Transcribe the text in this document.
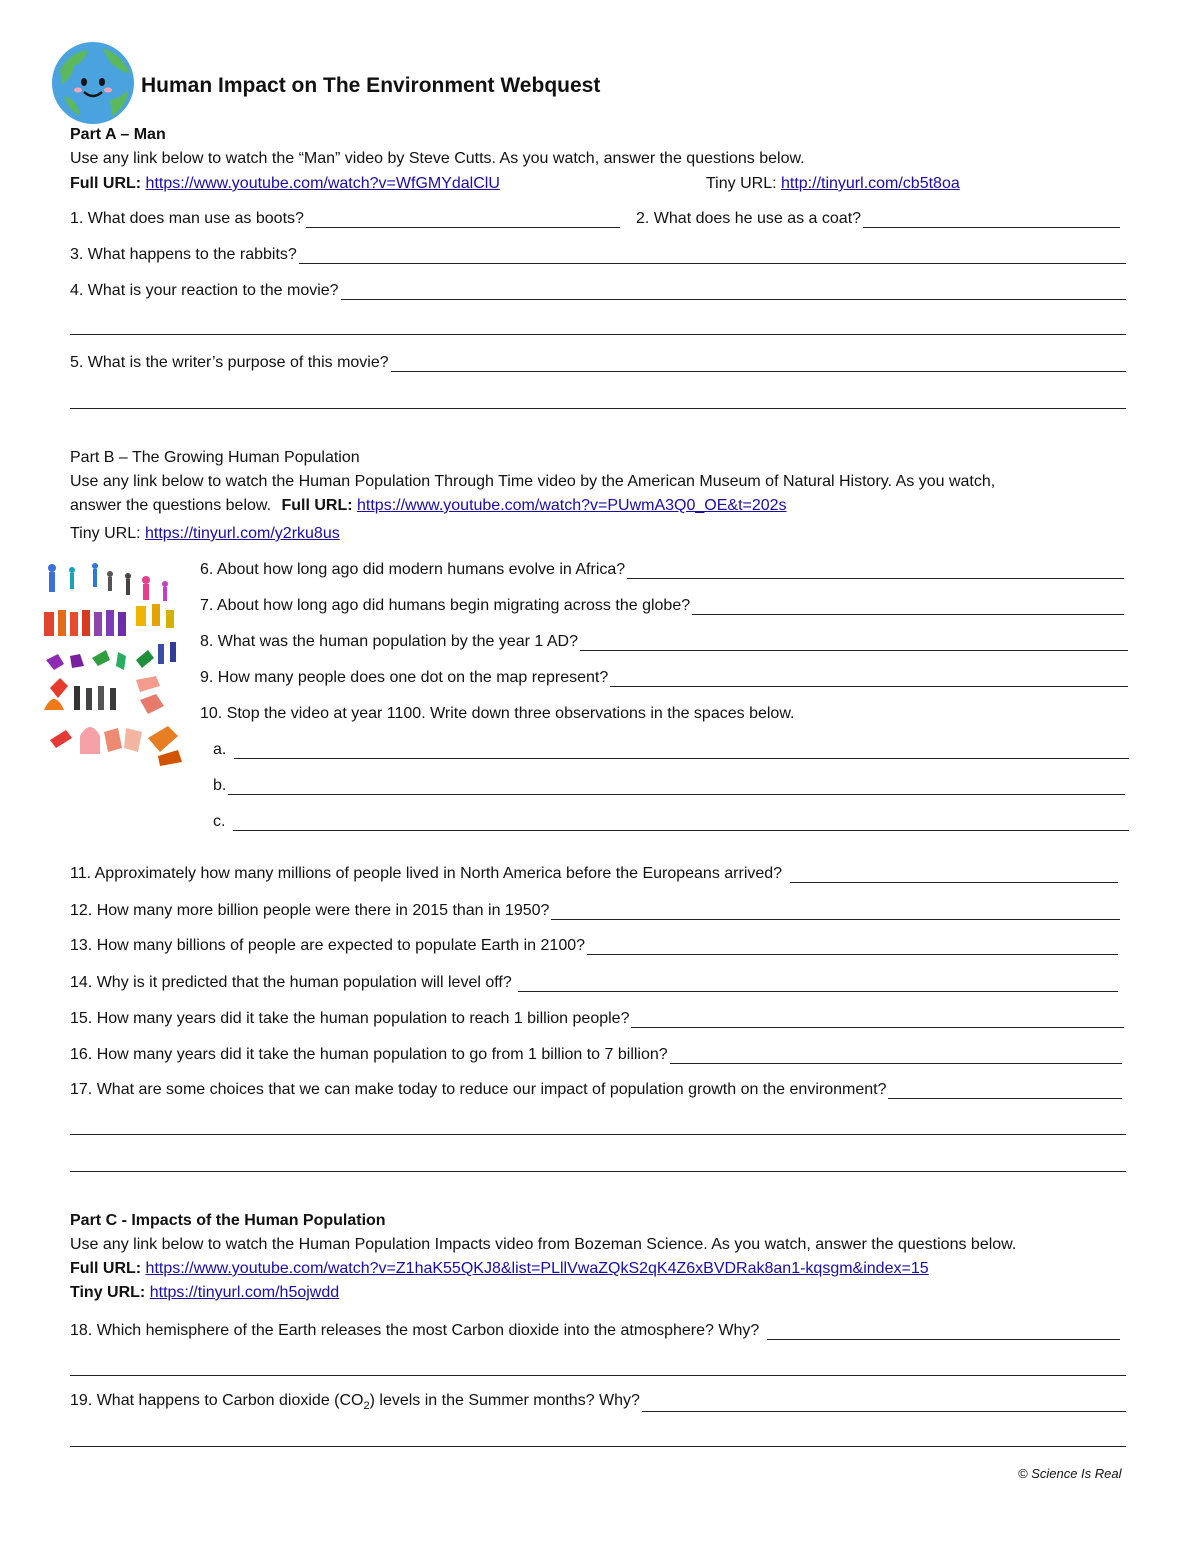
Human Impact on The Environment Webquest
Part A – Man
Use any link below to watch the “Man” video by Steve Cutts. As you watch, answer the questions below.
Full URL: https://www.youtube.com/watch?v=WfGMYdalClU	Tiny URL: http://tinyurl.com/cb5t8oa
1. What does man use as boots?	2. What does he use as a coat?
3. What happens to the rabbits?
4. What is your reaction to the movie?
5. What is the writer’s purpose of this movie?
Part B – The Growing Human Population
Use any link below to watch the Human Population Through Time video by the American Museum of Natural History. As you watch,
answer the questions below. Full URL: https://www.youtube.com/watch?v=PUwmA3Q0_OE&t=202s
Tiny URL: https://tinyurl.com/y2rku8us
6. About how long ago did modern humans evolve in Africa?
7. About how long ago did humans begin migrating across the globe?
8. What was the human population by the year 1 AD?
9. How many people does one dot on the map represent?
10. Stop the video at year 1100. Write down three observations in the spaces below.
a.
b.
c.
11. Approximately how many millions of people lived in North America before the Europeans arrived?
12. How many more billion people were there in 2015 than in 1950?
13. How many billions of people are expected to populate Earth in 2100?
14. Why is it predicted that the human population will level off?
15. How many years did it take the human population to reach 1 billion people?
16. How many years did it take the human population to go from 1 billion to 7 billion?
17. What are some choices that we can make today to reduce our impact of population growth on the environment?
Part C - Impacts of the Human Population
Use any link below to watch the Human Population Impacts video from Bozeman Science. As you watch, answer the questions below.
Full URL: https://www.youtube.com/watch?v=Z1haK55QKJ8&list=PLllVwaZQkS2qK4Z6xBVDRak8an1-kqsgm&index=15
Tiny URL: https://tinyurl.com/h5ojwdd
18. Which hemisphere of the Earth releases the most Carbon dioxide into the atmosphere? Why?
19. What happens to Carbon dioxide $(CO_2)$ levels in the Summer months? Why?
© Science Is Real
